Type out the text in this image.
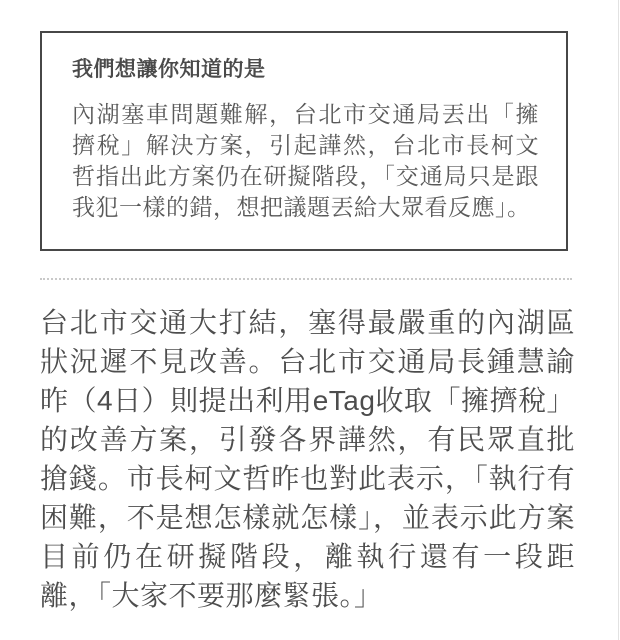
我們想讓你知道的是

內湖塞車問題難解，台北市交通局丟出「擁擠稅」解決方案，引起譁然，台北市長柯文哲指出此方案仍在研擬階段，「交通局只是跟我犯一樣的錯，想把議題丟給大眾看反應」。

台北市交通大打結，塞得最嚴重的內湖區狀況遲不見改善。台北市交通局長鍾慧諭昨（4日）則提出利用eTag收取「擁擠稅」的改善方案，引發各界譁然，有民眾直批搶錢。市長柯文哲昨也對此表示，「執行有困難，不是想怎樣就怎樣」，並表示此方案目前仍在研擬階段，離執行還有一段距離，「大家不要那麼緊張。」
